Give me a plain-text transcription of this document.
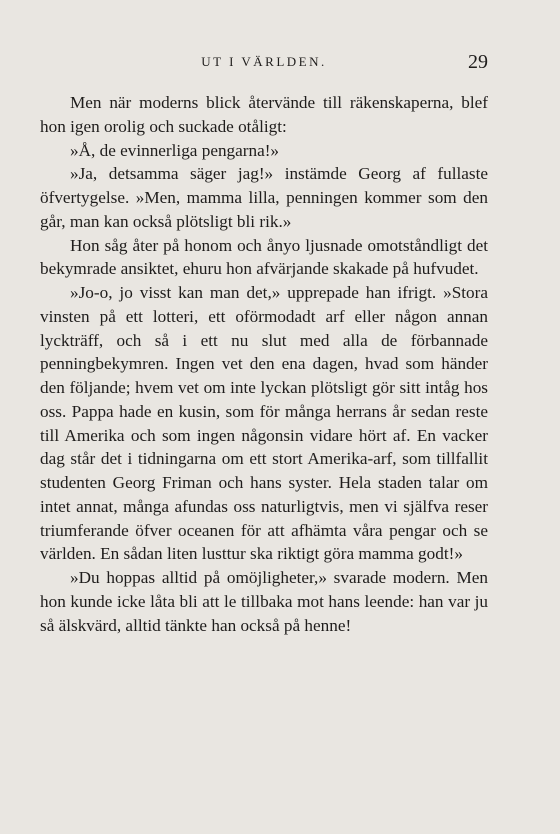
UT I VÄRLDEN.	29

Men när moderns blick återvände till räkenskaperna, blef hon igen orolig och suckade otåligt:

»Å, de evinnerliga pengarna!»

»Ja, detsamma säger jag!» instämde Georg af fullaste öfvertygelse. »Men, mamma lilla, penningen kommer som den går, man kan också plötsligt bli rik.»

Hon såg åter på honom och ånyo ljusnade omotståndligt det bekymrade ansiktet, ehuru hon afvärjande skakade på hufvudet.

»Jo-o, jo visst kan man det,» upprepade han ifrigt. »Stora vinsten på ett lotteri, ett oförmodadt arf eller någon annan lyckträff, och så i ett nu slut med alla de förbannade penningbekymren. Ingen vet den ena dagen, hvad som händer den följande; hvem vet om inte lyckan plötsligt gör sitt intåg hos oss. Pappa hade en kusin, som för många herrans år sedan reste till Amerika och som ingen någonsin vidare hört af. En vacker dag står det i tidningarna om ett stort Amerika-arf, som tillfallit studenten Georg Friman och hans syster. Hela staden talar om intet annat, många afundas oss naturligtvis, men vi själfva reser triumferande öfver oceanen för att afhämta våra pengar och se världen. En sådan liten lusttur ska riktigt göra mamma godt!»

»Du hoppas alltid på omöjligheter,» svarade modern. Men hon kunde icke låta bli att le tillbaka mot hans leende: han var ju så älskvärd, alltid tänkte han också på henne!
